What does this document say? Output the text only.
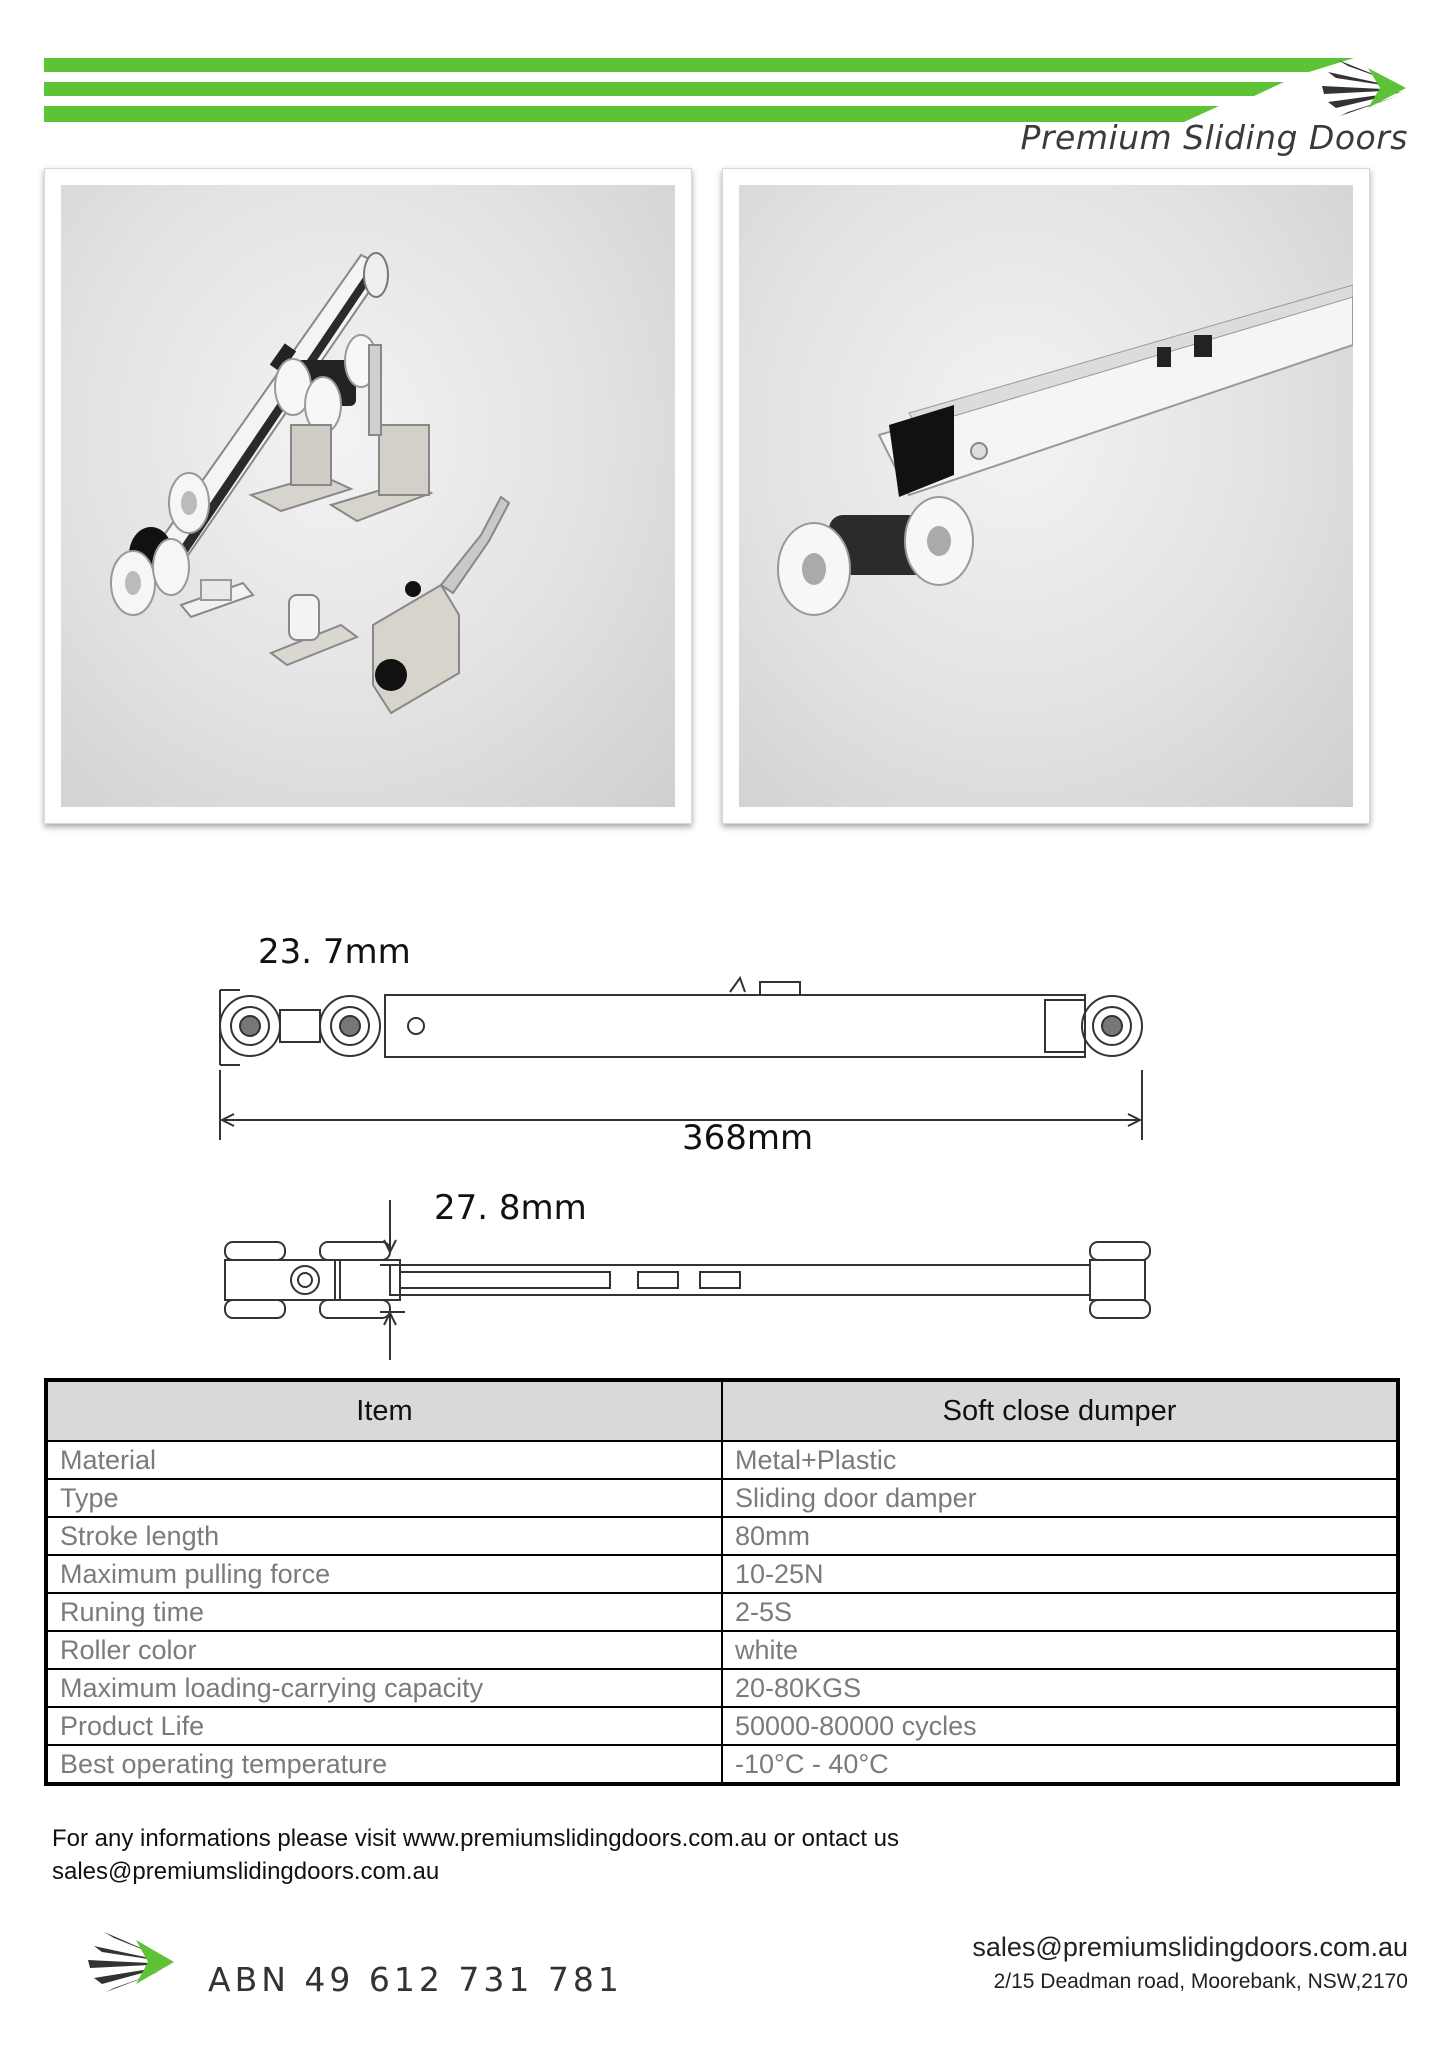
Premium Sliding Doors
23. 7mm
368mm
27. 8mm
Item	Soft close dumper
Material	Metal+Plastic
Type	Sliding door damper
Stroke length	80mm
Maximum pulling force	10-25N
Runing time	2-5S
Roller color	white
Maximum loading-carrying capacity	20-80KGS
Product Life	50000-80000 cycles
Best operating temperature	-10°C - 40°C
For any informations please visit www.premiumslidingdoors.com.au or ontact us
sales@premiumslidingdoors.com.au
ABN 49 612 731 781
sales@premiumslidingdoors.com.au
2/15 Deadman road, Moorebank, NSW,2170
